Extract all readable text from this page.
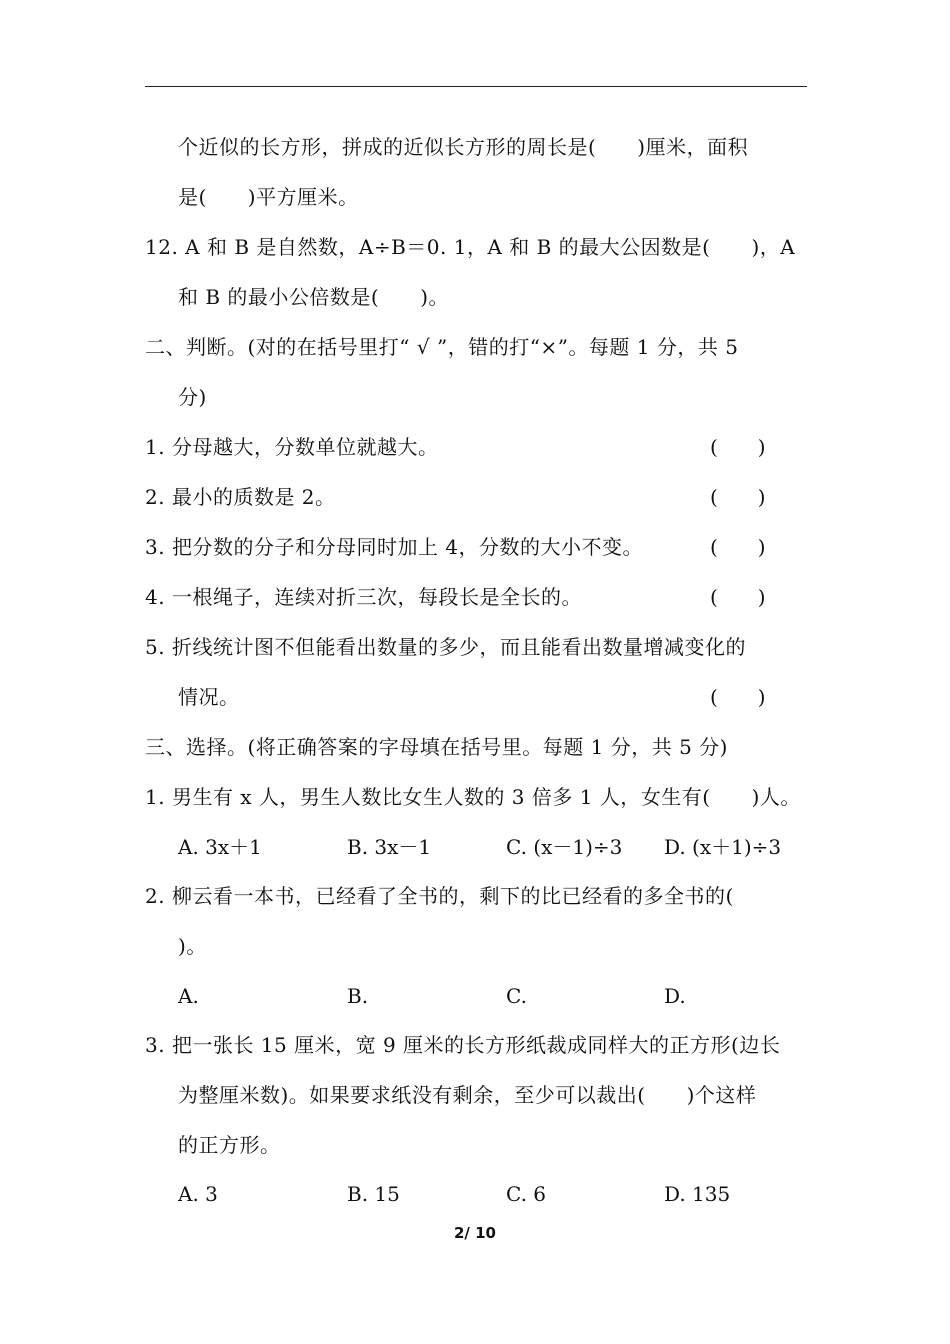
个近似的长方形，拼成的近似长方形的周长是(　　)厘米，面积
是(　　)平方厘米。
12. A 和 B 是自然数，A÷B＝0. 1，A 和 B 的最大公因数是(　　)，A
和 B 的最小公倍数是(　　)。
二、判断。(对的在括号里打“ √ ”，错的打“×”。每题 1 分，共 5
分)
1. 分母越大，分数单位就越大。	(　　)
2. 最小的质数是 2。	(　　)
3. 把分数的分子和分母同时加上 4，分数的大小不变。	(　　)
4. 一根绳子，连续对折三次，每段长是全长的。	(　　)
5. 折线统计图不但能看出数量的多少，而且能看出数量增减变化的
情况。	(　　)
三、选择。(将正确答案的字母填在括号里。每题 1 分，共 5 分)
1. 男生有 x 人，男生人数比女生人数的 3 倍多 1 人，女生有(　　)人。
A. 3x＋1	B. 3x－1	C. (x－1)÷3 D. (x＋1)÷3
2. 柳云看一本书，已经看了全书的，剩下的比已经看的多全书的(
)。
A.	B.	C.	D.
3. 把一张长 15 厘米，宽 9 厘米的长方形纸裁成同样大的正方形(边长
为整厘米数)。如果要求纸没有剩余，至少可以裁出(　　)个这样
的正方形。
A. 3	B. 15	C. 6	D. 135
2/ 10
